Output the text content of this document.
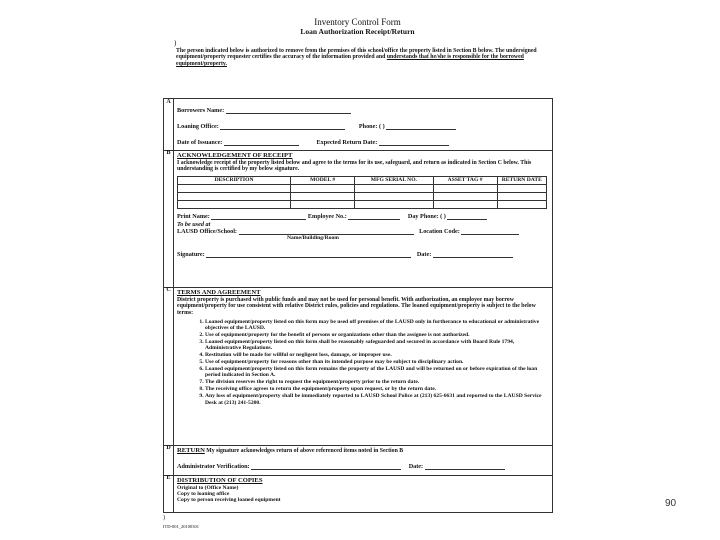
Inventory Control Form
Loan Authorization Receipt/Return
)
The person indicated below is authorized to remove from the premises of this school/office the property listed in Section B below. The undersigned equipment/property requester certifies the accuracy of the information provided and understands that he/she is responsible for the borrowed equipment/property.
A
Borrowers Name:
Loaning Office:	Phone: ( )
Date of Issuance:	Expected Return Date:
B ACKNOWLEDGEMENT OF RECEIPT
I acknowledge receipt of the property listed below and agree to the terms for its use, safeguard, and return as indicated in Section C below. This understanding is certified by my below signature.
DESCRIPTION	MODEL #	MFG SERIAL NO.	ASSET TAG #	RETURN DATE

Print Name:	Employee No.:	Day Phone: ( )
To be used at
LAUSD Office/School:	Location Code:
Name/Building/Room
Signature:	Date:
C TERMS AND AGREEMENT
District property is purchased with public funds and may not be used for personal benefit. With authorization, an employee may borrow equipment/property for use consistent with relative District rules, policies and regulations. The loaned equipment/property is subject to the below terms:
1. Loaned equipment/property listed on this form may be used off premises of the LAUSD only in furtherance to educational or administrative objectives of the LAUSD.
2. Use of equipment/property for the benefit of persons or organizations other than the assignee is not authorized.
3. Loaned equipment/property listed on this form shall be reasonably safeguarded and secured in accordance with Board Rule 1794, Administrative Regulations.
4. Restitution will be made for willful or negligent loss, damage, or improper use.
5. Use of equipment/property for reasons other than its intended purpose may be subject to disciplinary action.
6. Loaned equipment/property listed on this form remains the property of the LAUSD and will be returned on or before expiration of the loan period indicated in Section A.
7. The division reserves the right to request the equipment/property prior to the return date.
8. The receiving office agrees to return the equipment/property upon request, or by the return date.
9. Any loss of equipment/property shall be immediately reported to LAUSD School Police at (213) 625-6631 and reported to the LAUSD Service Desk at (213) 241-5200.
D RETURN My signature acknowledges return of above referenced items noted in Section B
Administrator Verification:	Date:
E DISTRIBUTION OF COPIES
Original to (Office Name)
Copy to loaning office
Copy to person receiving loaned equipment
)
ITD-001_20100301
90
